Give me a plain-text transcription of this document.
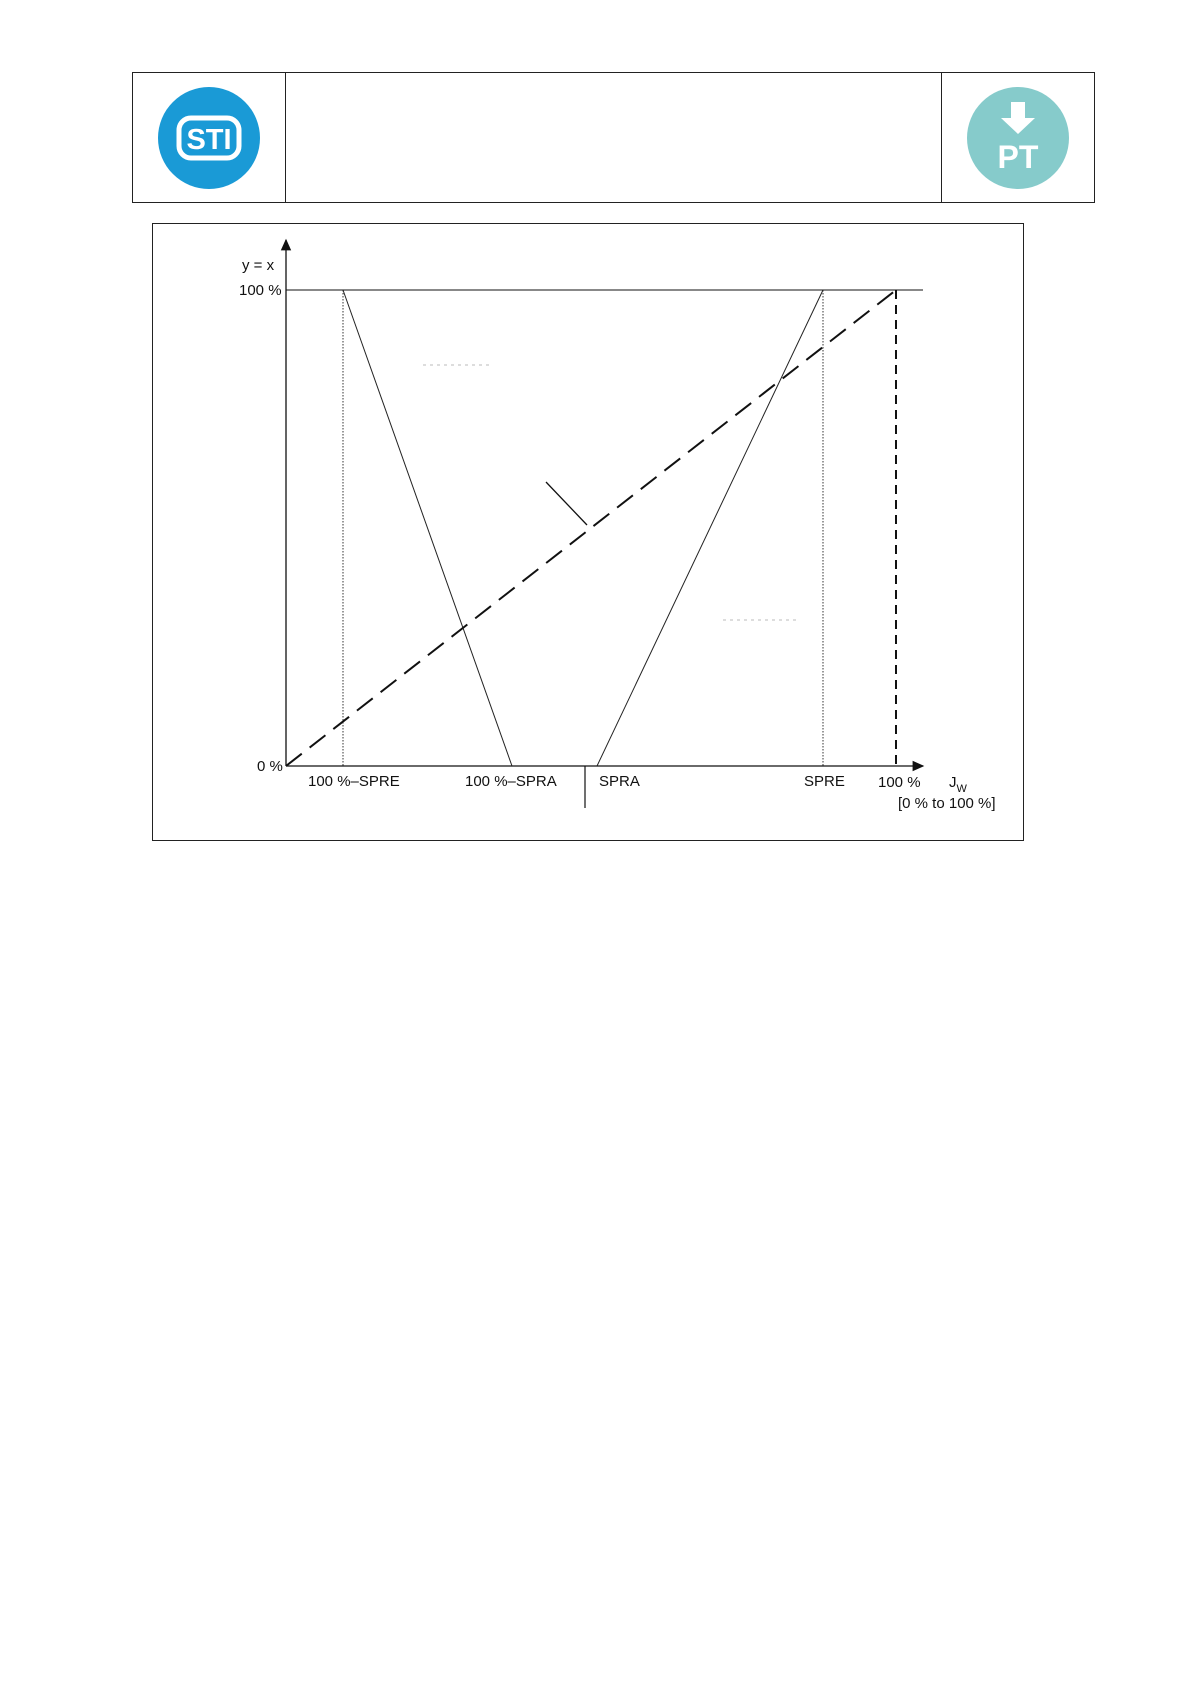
STI	PT
y = x
100 %
0 %
100 %–SPRE	100 %–SPRA	SPRA	SPRE 100 % $J_W$
[0 % to 100 %]
